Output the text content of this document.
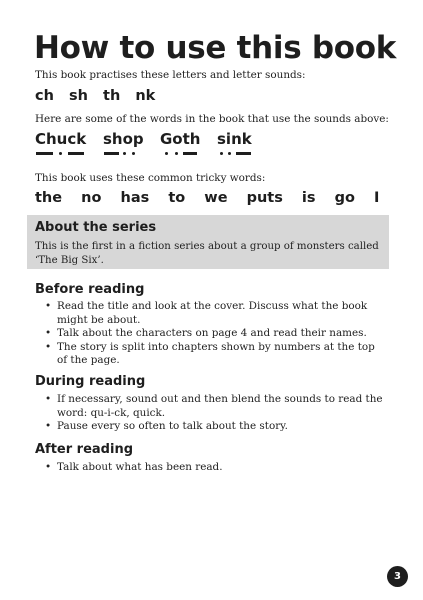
How to use this book

This book practises these letters and letter sounds:

ch sh th nk

Here are some of the words in the book that use the sounds above:

Chuck shop Goth sink

This book uses these common tricky words:

the no has to we puts is go I
About the series

This is the first in a fiction series about a group of monsters called ‘The Big Six’.

Before reading
• Read the title and look at the cover. Discuss what the book might be about.
• Talk about the characters on page 4 and read their names.
• The story is split into chapters shown by numbers at the top of the page.
During reading
• If necessary, sound out and then blend the sounds to read the word: qu-i-ck, quick.
• Pause every so often to talk about the story.
After reading
• Talk about what has been read.
3
